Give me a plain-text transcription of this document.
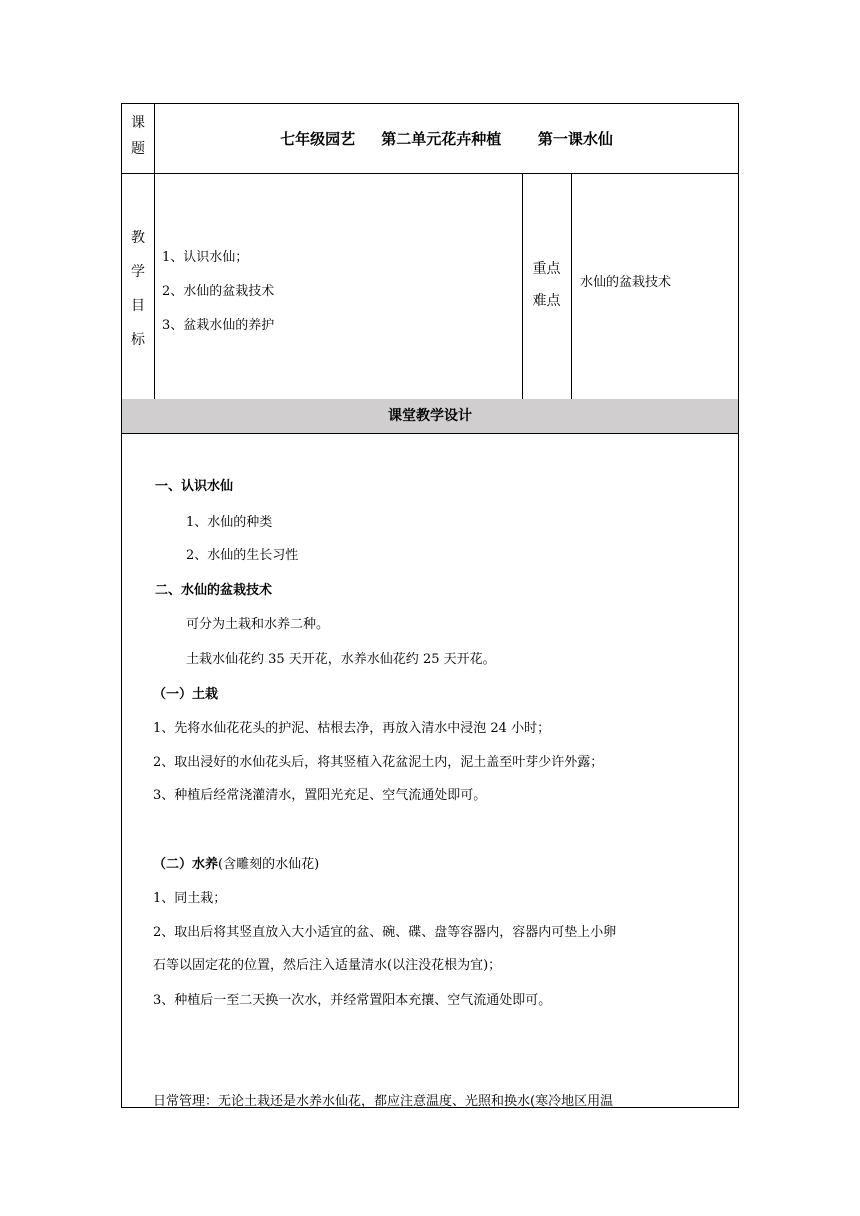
课
题
七年级园艺     第二单元花卉种植       第一课水仙
教
学
目
标
1、认识水仙；
2、水仙的盆栽技术
3、盆栽水仙的养护
重点
难点
水仙的盆栽技术
课堂教学设计
一、认识水仙
1、水仙的种类
2、水仙的生长习性
二、水仙的盆栽技术
可分为土栽和水养二种。
土栽水仙花约 35 天开花，水养水仙花约 25 天开花。
（一）土栽
1、先将水仙花花头的护泥、枯根去净，再放入清水中浸泡 24 小时；
2、取出浸好的水仙花头后，将其竖植入花盆泥土内，泥土盖至叶芽少许外露；
3、种植后经常浇灌清水，置阳光充足、空气流通处即可。
（二）水养(含雕刻的水仙花)
1、同土栽；
2、取出后将其竖直放入大小适宜的盆、碗、碟、盘等容器内，容器内可垫上小卵
石等以固定花的位置，然后注入适量清水(以注没花根为宜)；
3、种植后一至二天换一次水，并经常置阳本充攘、空气流通处即可。
日常管理：无论土栽还是水养水仙花，都应注意温度、光照和换水(寒冷地区用温
